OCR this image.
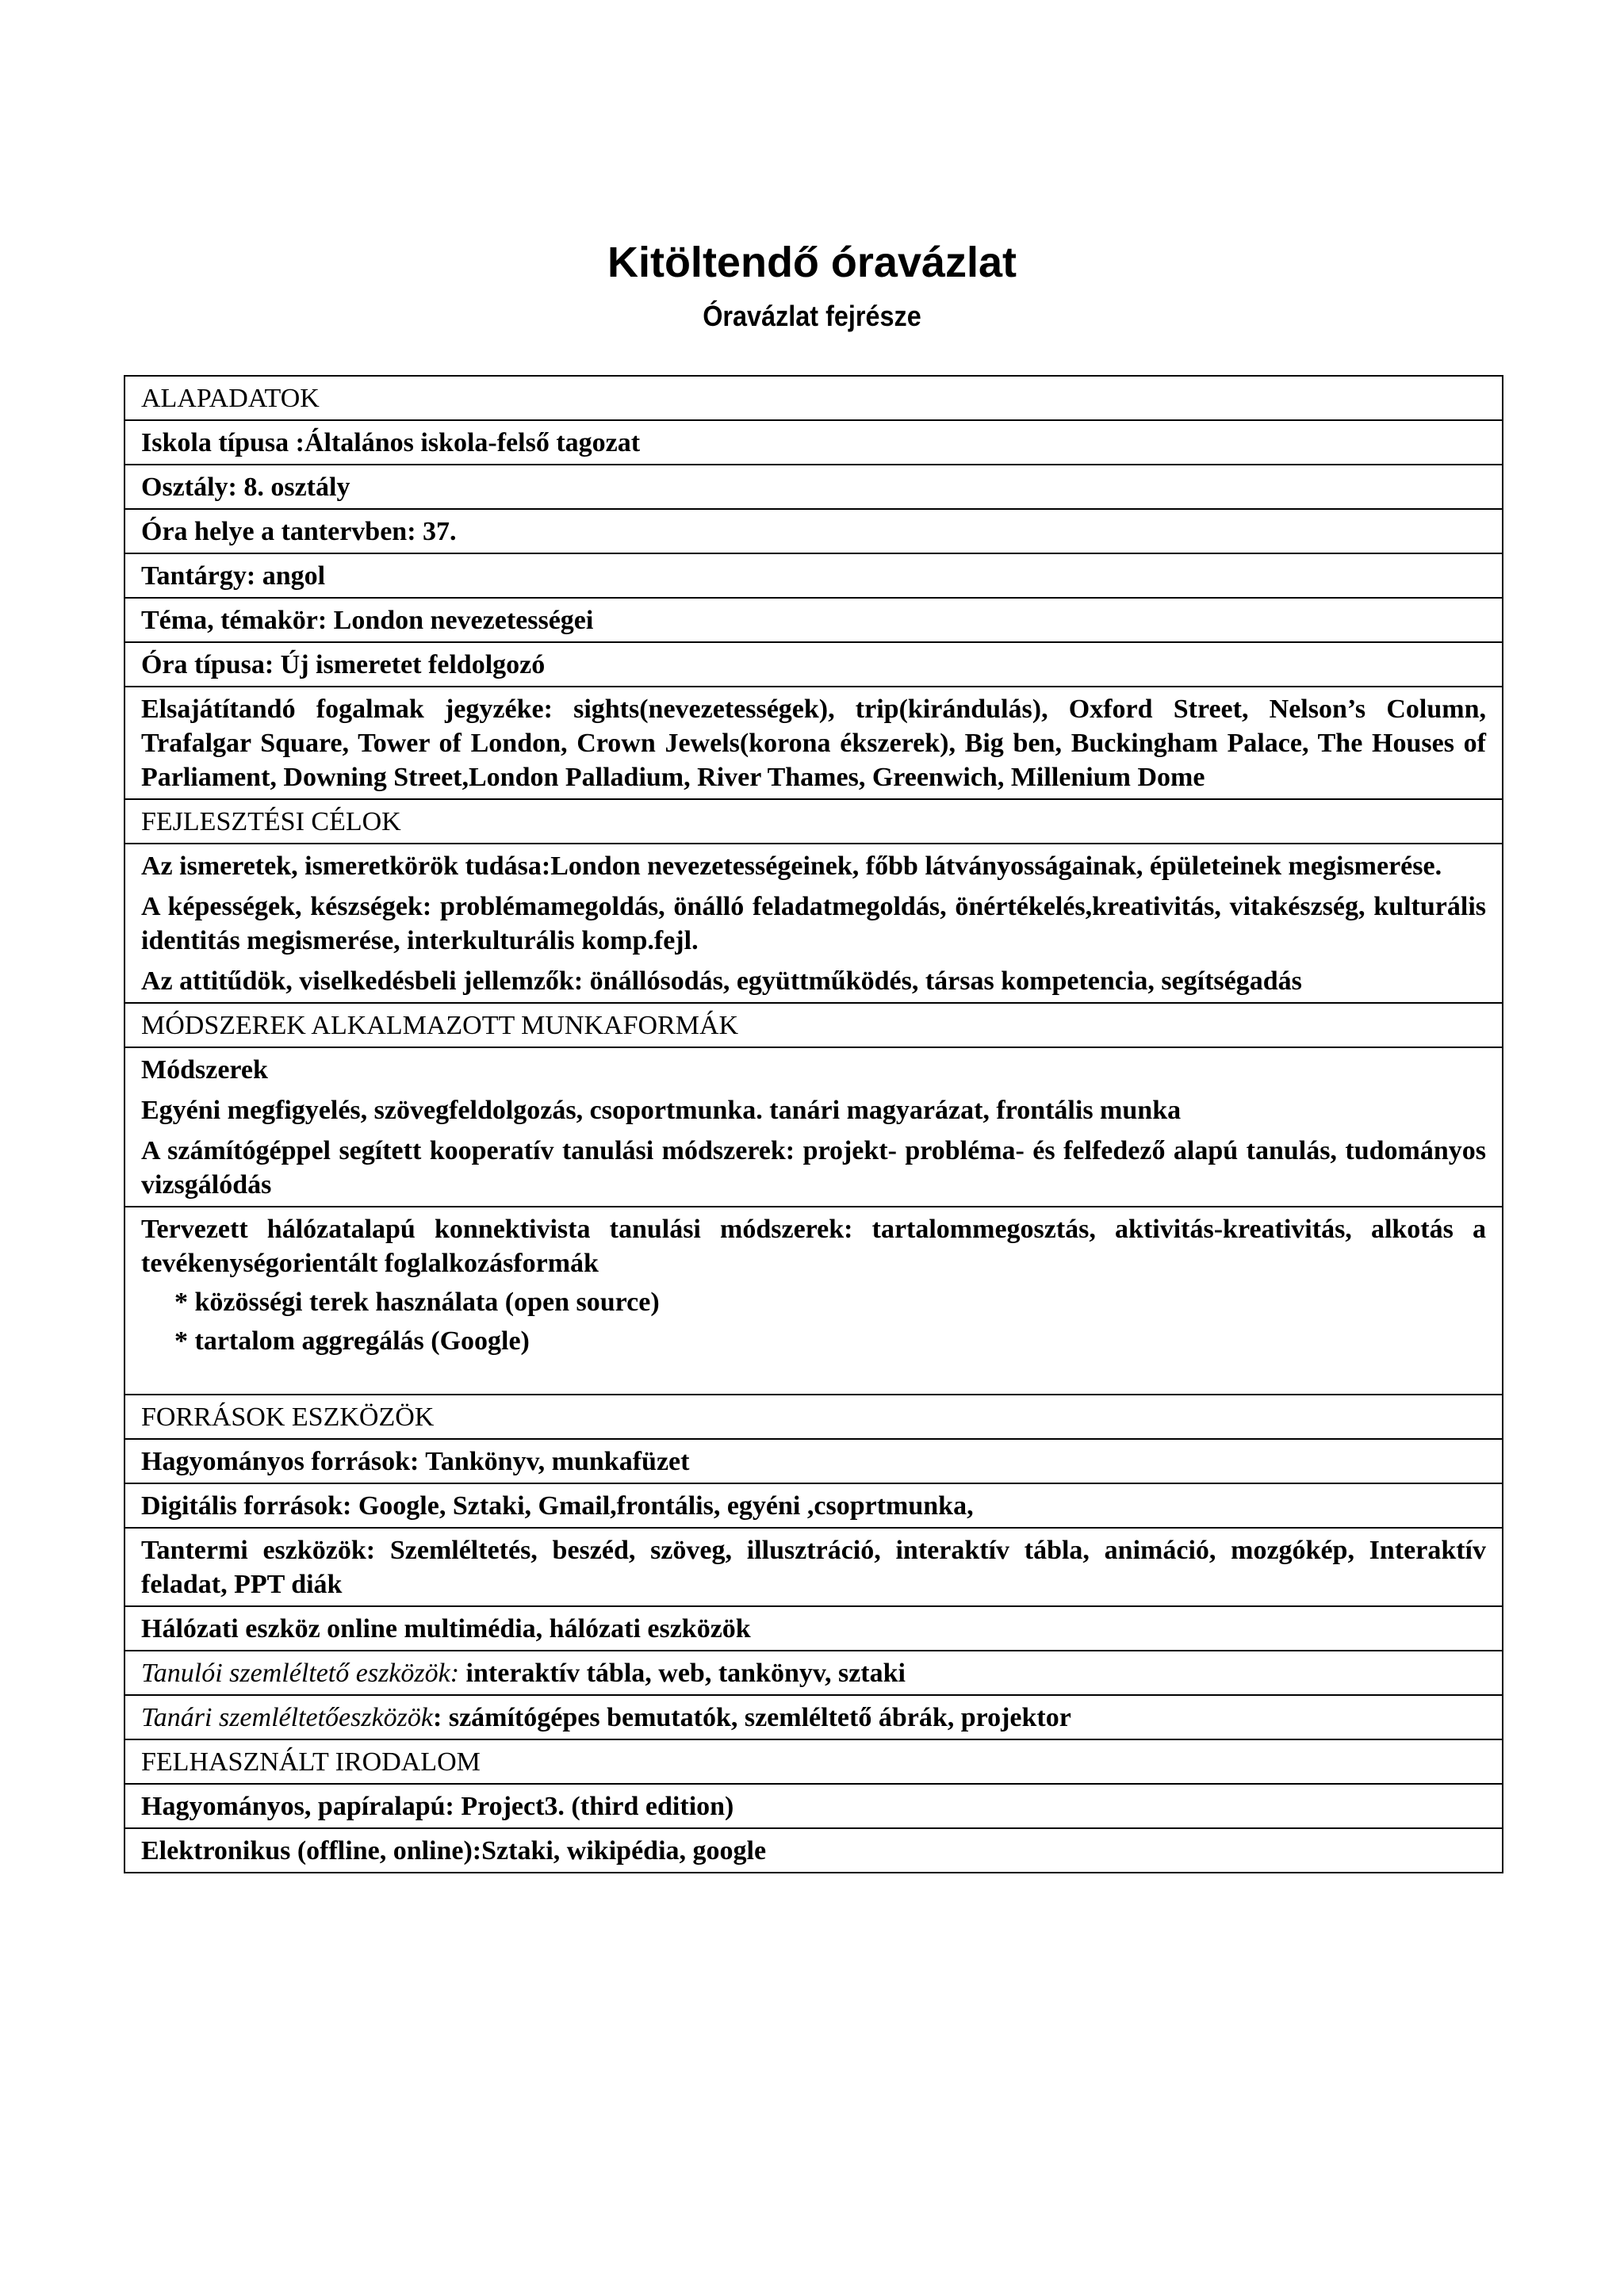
Kitöltendő óravázlat
Óravázlat fejrésze
ALAPADATOK
Iskola típusa :Általános iskola-felső tagozat
Osztály: 8. osztály
Óra helye a tantervben: 37.
Tantárgy: angol
Téma, témakör: London nevezetességei
Óra típusa: Új ismeretet feldolgozó
Elsajátítandó fogalmak jegyzéke: sights(nevezetességek), trip(kirándulás), Oxford Street, Nelson’s Column, Trafalgar Square, Tower of London, Crown Jewels(korona ékszerek), Big ben, Buckingham Palace, The Houses of Parliament, Downing Street,London Palladium, River Thames, Greenwich, Millenium Dome
FEJLESZTÉSI CÉLOK

Az ismeretek, ismeretkörök tudása:London nevezetességeinek, főbb látványosságainak, épületeinek megismerése.

A képességek, készségek: problémamegoldás, önálló feladatmegoldás, önértékelés,kreativitás, vitakészség, kulturális identitás megismerése, interkulturális komp.fejl.

Az attitűdök, viselkedésbeli jellemzők: önállósodás, együttműködés, társas kompetencia, segítségadás

MÓDSZEREK ALKALMAZOTT MUNKAFORMÁK

Módszerek

Egyéni megfigyelés, szövegfeldolgozás, csoportmunka. tanári magyarázat, frontális munka

A számítógéppel segített kooperatív tanulási módszerek: projekt- probléma- és felfedező alapú tanulás, tudományos vizsgálódás

Tervezett hálózatalapú konnektivista tanulási módszerek: tartalommegosztás, aktivitás-kreativitás, alkotás a tevékenységorientált foglalkozásformák

* közösségi terek használata (open source)

* tartalom aggregálás (Google)

FORRÁSOK ESZKÖZÖK
Hagyományos források: Tankönyv, munkafüzet
Digitális források: Google, Sztaki, Gmail,frontális, egyéni ,csoprtmunka,
Tantermi eszközök: Szemléltetés, beszéd, szöveg, illusztráció, interaktív tábla, animáció, mozgókép, Interaktív feladat, PPT diák
Hálózati eszköz online multimédia, hálózati eszközök
Tanulói szemléltető eszközök: interaktív tábla, web, tankönyv, sztaki
Tanári szemléltetőeszközök: számítógépes bemutatók, szemléltető ábrák, projektor
FELHASZNÁLT IRODALOM
Hagyományos, papíralapú: Project3. (third edition)
Elektronikus (offline, online):Sztaki, wikipédia, google
